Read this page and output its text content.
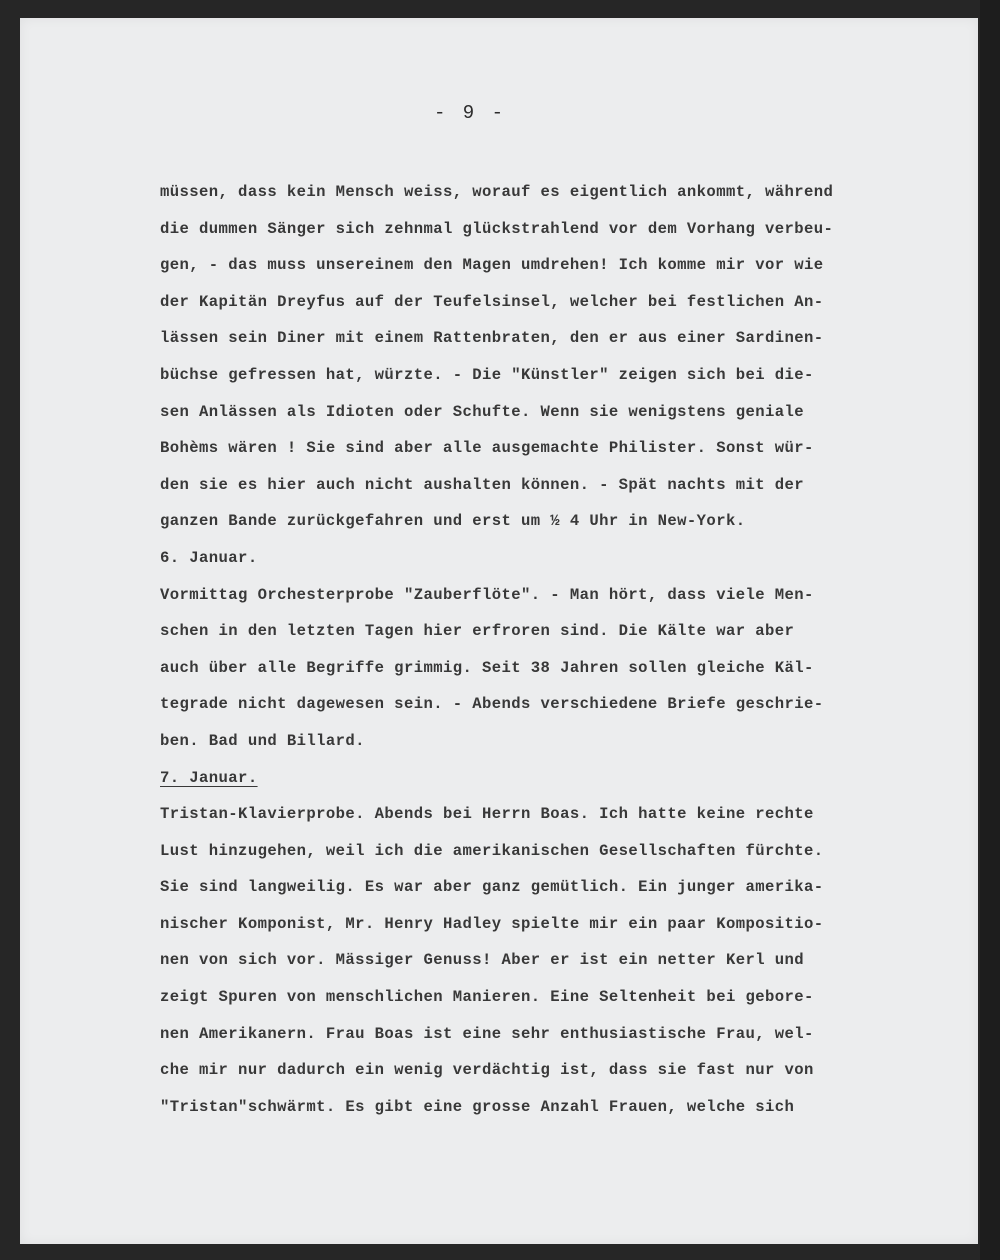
- 9 -
müssen, dass kein Mensch weiss, worauf es eigentlich ankommt, während
die dummen Sänger sich zehnmal glückstrahlend vor dem Vorhang verbeu-
gen, - das muss unsereinem den Magen umdrehen! Ich komme mir vor wie
der Kapitän Dreyfus auf der Teufelsinsel, welcher bei festlichen An-
lässen sein Diner mit einem Rattenbraten, den er aus einer Sardinen-
büchse gefressen hat, würzte. - Die "Künstler" zeigen sich bei die-
sen Anlässen als Idioten oder Schufte. Wenn sie wenigstens geniale
Bohèms wären ! Sie sind aber alle ausgemachte Philister. Sonst wür-
den sie es hier auch nicht aushalten können. - Spät nachts mit der
ganzen Bande zurückgefahren und erst um ½ 4 Uhr in New-York.
6. Januar.
Vormittag Orchesterprobe "Zauberflöte". - Man hört, dass viele Men-
schen in den letzten Tagen hier erfroren sind. Die Kälte war aber
auch über alle Begriffe grimmig. Seit 38 Jahren sollen gleiche Käl-
tegrade nicht dagewesen sein. - Abends verschiedene Briefe geschrie-
ben. Bad und Billard.
7. Januar.
Tristan-Klavierprobe. Abends bei Herrn Boas. Ich hatte keine rechte
Lust hinzugehen, weil ich die amerikanischen Gesellschaften fürchte.
Sie sind langweilig. Es war aber ganz gemütlich. Ein junger amerika-
nischer Komponist, Mr. Henry Hadley spielte mir ein paar Kompositio-
nen von sich vor. Mässiger Genuss! Aber er ist ein netter Kerl und
zeigt Spuren von menschlichen Manieren. Eine Seltenheit bei gebore-
nen Amerikanern. Frau Boas ist eine sehr enthusiastische Frau, wel-
che mir nur dadurch ein wenig verdächtig ist, dass sie fast nur von
"Tristan"schwärmt. Es gibt eine grosse Anzahl Frauen, welche sich
